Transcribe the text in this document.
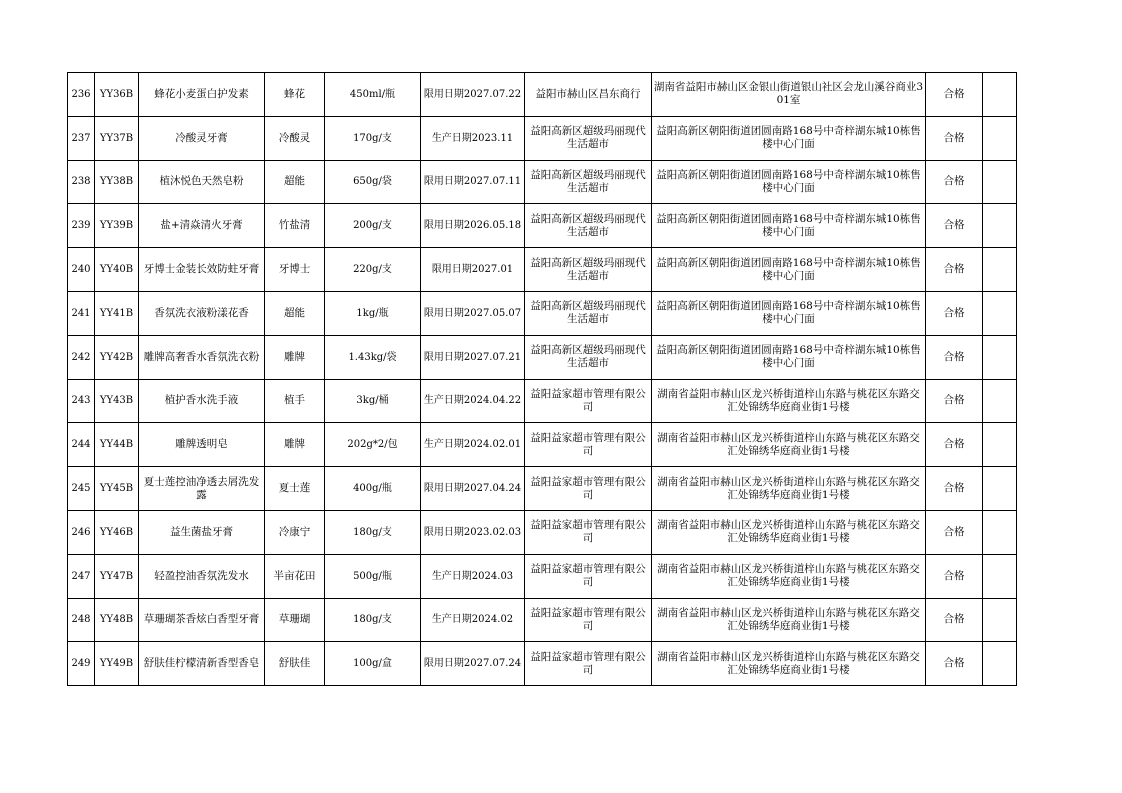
236	YY36B	蜂花小麦蛋白护发素	蜂花	450ml/瓶	限用日期2027.07.22	益阳市赫山区昌东商行	湖南省益阳市赫山区金银山街道银山社区会龙山溪谷商业301室	合格	
237	YY37B	冷酸灵牙膏	冷酸灵	170g/支	生产日期2023.11	益阳高新区超级玛丽现代生活超市	益阳高新区朝阳街道团圆南路168号中奇梓湖东城10栋售楼中心门面	合格	
238	YY38B	植沐悦色天然皂粉	超能	650g/袋	限用日期2027.07.11	益阳高新区超级玛丽现代生活超市	益阳高新区朝阳街道团圆南路168号中奇梓湖东城10栋售楼中心门面	合格	
239	YY39B	盐+清焱清火牙膏	竹盐清	200g/支	限用日期2026.05.18	益阳高新区超级玛丽现代生活超市	益阳高新区朝阳街道团圆南路168号中奇梓湖东城10栋售楼中心门面	合格	
240	YY40B	牙博士金装长效防蛀牙膏	牙博士	220g/支	限用日期2027.01	益阳高新区超级玛丽现代生活超市	益阳高新区朝阳街道团圆南路168号中奇梓湖东城10栋售楼中心门面	合格	
241	YY41B	香氛洗衣液粉漾花香	超能	1kg/瓶	限用日期2027.05.07	益阳高新区超级玛丽现代生活超市	益阳高新区朝阳街道团圆南路168号中奇梓湖东城10栋售楼中心门面	合格	
242	YY42B	雕牌高奢香水香氛洗衣粉	雕牌	1.43kg/袋	限用日期2027.07.21	益阳高新区超级玛丽现代生活超市	益阳高新区朝阳街道团圆南路168号中奇梓湖东城10栋售楼中心门面	合格	
243	YY43B	植护香水洗手液	植手	3kg/桶	生产日期2024.04.22	益阳益家超市管理有限公司	湖南省益阳市赫山区龙兴桥街道梓山东路与桃花区东路交汇处锦绣华庭商业街1号楼	合格	
244	YY44B	雕牌透明皂	雕牌	202g*2/包	生产日期2024.02.01	益阳益家超市管理有限公司	湖南省益阳市赫山区龙兴桥街道梓山东路与桃花区东路交汇处锦绣华庭商业街1号楼	合格	
245	YY45B	夏士莲控油净透去屑洗发露	夏士莲	400g/瓶	限用日期2027.04.24	益阳益家超市管理有限公司	湖南省益阳市赫山区龙兴桥街道梓山东路与桃花区东路交汇处锦绣华庭商业街1号楼	合格	
246	YY46B	益生菌盐牙膏	冷康宁	180g/支	限用日期2023.02.03	益阳益家超市管理有限公司	湖南省益阳市赫山区龙兴桥街道梓山东路与桃花区东路交汇处锦绣华庭商业街1号楼	合格	
247	YY47B	轻盈控油香氛洗发水	半亩花田	500g/瓶	生产日期2024.03	益阳益家超市管理有限公司	湖南省益阳市赫山区龙兴桥街道梓山东路与桃花区东路交汇处锦绣华庭商业街1号楼	合格	
248	YY48B	草珊瑚茶香炫白香型牙膏	草珊瑚	180g/支	生产日期2024.02	益阳益家超市管理有限公司	湖南省益阳市赫山区龙兴桥街道梓山东路与桃花区东路交汇处锦绣华庭商业街1号楼	合格	
249	YY49B	舒肤佳柠檬清新香型香皂	舒肤佳	100g/盒	限用日期2027.07.24	益阳益家超市管理有限公司	湖南省益阳市赫山区龙兴桥街道梓山东路与桃花区东路交汇处锦绣华庭商业街1号楼	合格	
